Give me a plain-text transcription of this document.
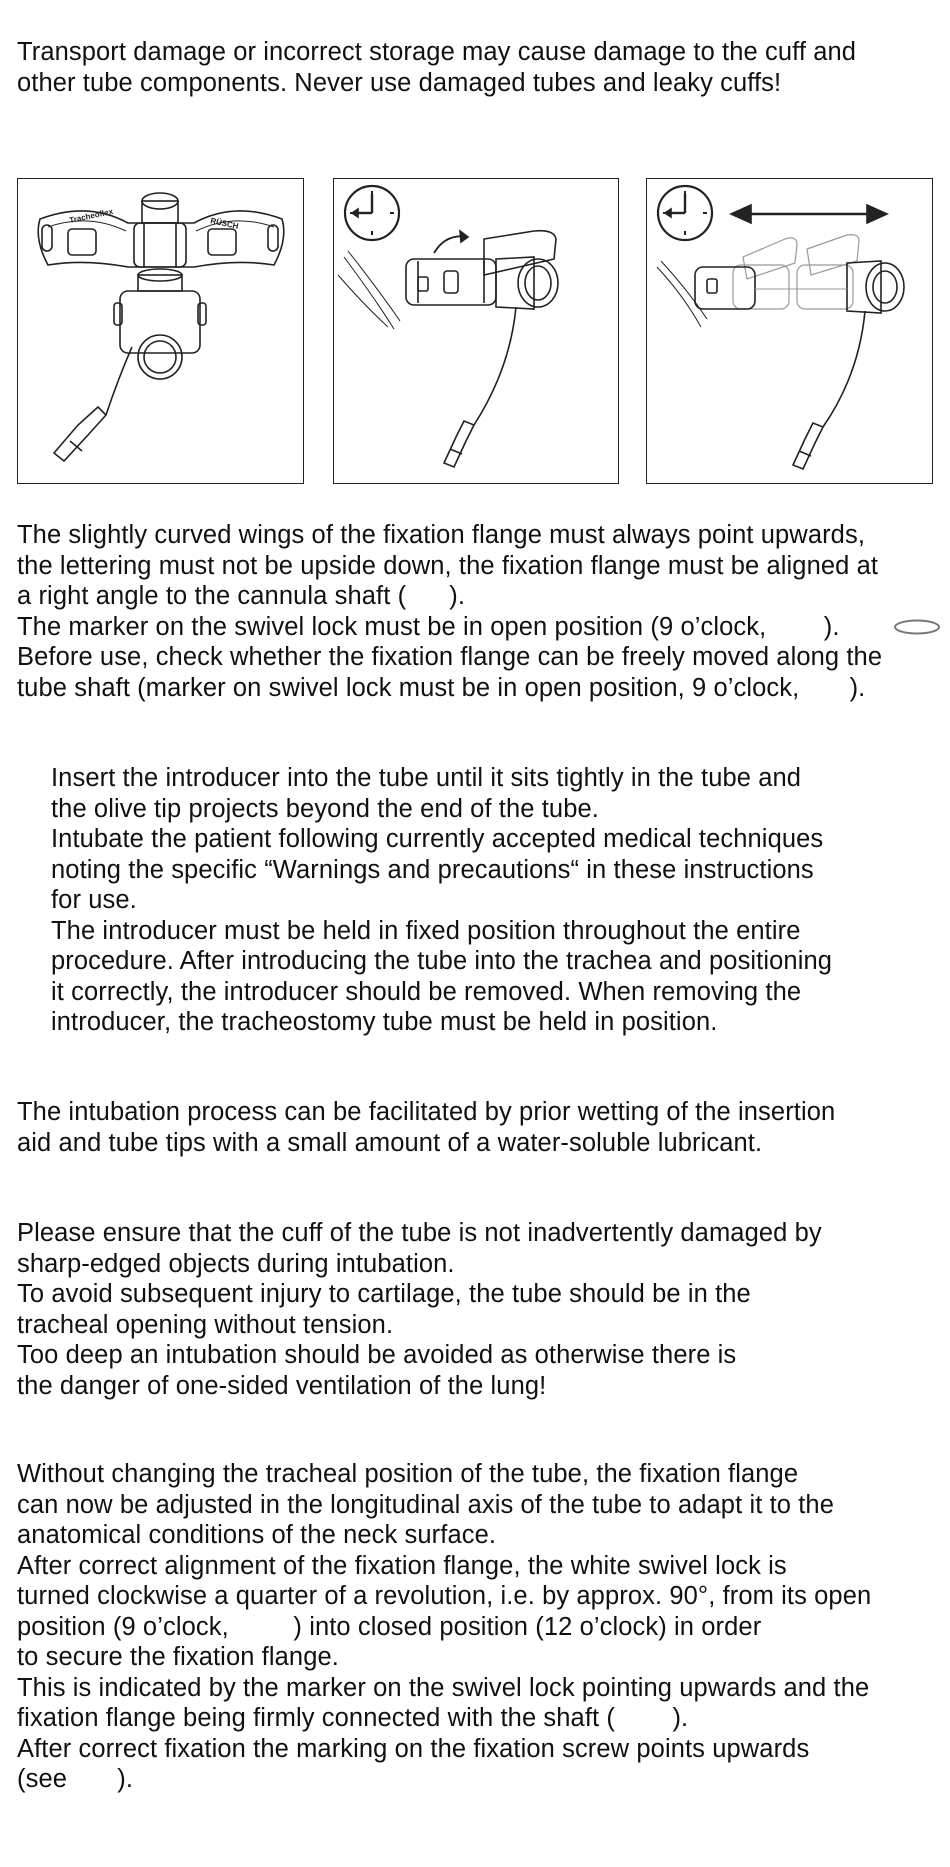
Transport damage or incorrect storage may cause damage to the cuff and
other tube components. Never use damaged tubes and leaky cuffs!
Tracheoflex	RÜSCH
The slightly curved wings of the fixation flange must always point upwards,
the lettering must not be upside down, the fixation flange must be aligned at
a right angle to the cannula shaft (      ).
The marker on the swivel lock must be in open position (9 o’clock,        ).
Before use, check whether the fixation flange can be freely moved along the
tube shaft (marker on swivel lock must be in open position, 9 o’clock,       ).
Insert the introducer into the tube until it sits tightly in the tube and
the olive tip projects beyond the end of the tube.
Intubate the patient following currently accepted medical techniques
noting the specific “Warnings and precautions“ in these instructions
for use.
The introducer must be held in fixed position throughout the entire
procedure. After introducing the tube into the trachea and positioning
it correctly, the introducer should be removed. When removing the
introducer, the tracheostomy tube must be held in position.
The intubation process can be facilitated by prior wetting of the insertion
aid and tube tips with a small amount of a water-soluble lubricant.
Please ensure that the cuff of the tube is not inadvertently damaged by
sharp-edged objects during intubation.
To avoid subsequent injury to cartilage, the tube should be in the
tracheal opening without tension.
Too deep an intubation should be avoided as otherwise there is
the danger of one-sided ventilation of the lung!
Without changing the tracheal position of the tube, the fixation flange
can now be adjusted in the longitudinal axis of the tube to adapt it to the
anatomical conditions of the neck surface.
After correct alignment of the fixation flange, the white swivel lock is
turned clockwise a quarter of a revolution, i.e. by approx. 90°, from its open
position (9 o’clock,         ) into closed position (12 o’clock) in order
to secure the fixation flange.
This is indicated by the marker on the swivel lock pointing upwards and the
fixation flange being firmly connected with the shaft (        ).
After correct fixation the marking on the fixation screw points upwards
(see       ).
